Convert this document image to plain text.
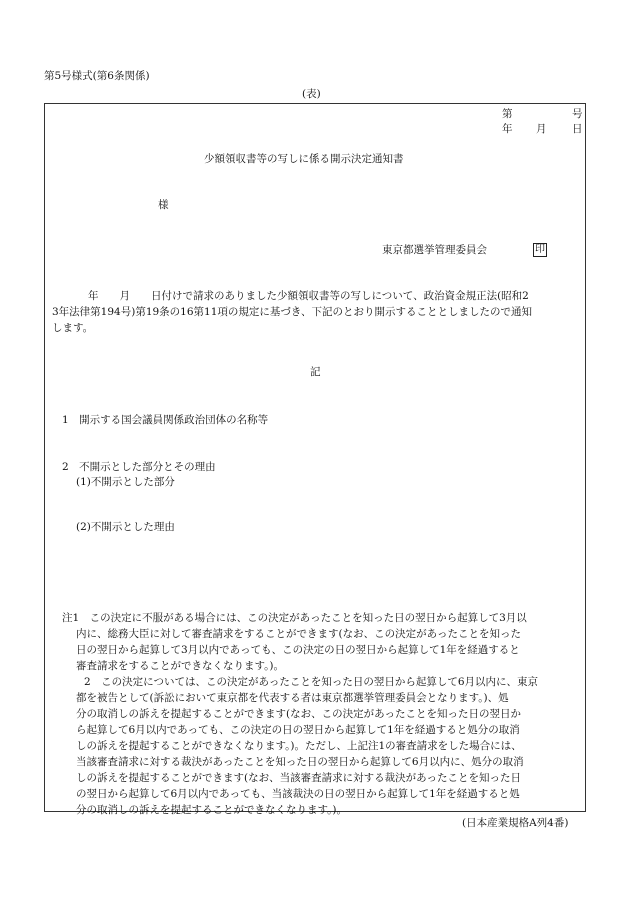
第5号様式(第6条関係)
(表)
第	号
年 月 日
少額領収書等の写しに係る開示決定通知書
様
東京都選挙管理委員会	印
年　　月　　日付けで請求のありました少額領収書等の写しについて、政治資金規正法(昭和2
3年法律第194号)第19条の16第11項の規定に基づき、下記のとおり開示することとしましたので通知
します。
記
1　開示する国会議員関係政治団体の名称等
2　不開示とした部分とその理由
(1)不開示とした部分
(2)不開示とした理由
注1　この決定に不服がある場合には、この決定があったことを知った日の翌日から起算して3月以
内に、総務大臣に対して審査請求をすることができます(なお、この決定があったことを知った
日の翌日から起算して3月以内であっても、この決定の日の翌日から起算して1年を経過すると
審査請求をすることができなくなります。)。
2　この決定については、この決定があったことを知った日の翌日から起算して6月以内に、東京
都を被告として(訴訟において東京都を代表する者は東京都選挙管理委員会となります。)、処
分の取消しの訴えを提起することができます(なお、この決定があったことを知った日の翌日か
ら起算して6月以内であっても、この決定の日の翌日から起算して1年を経過すると処分の取消
しの訴えを提起することができなくなります。)。ただし、上記注1の審査請求をした場合には、
当該審査請求に対する裁決があったことを知った日の翌日から起算して6月以内に、処分の取消
しの訴えを提起することができます(なお、当該審査請求に対する裁決があったことを知った日
の翌日から起算して6月以内であっても、当該裁決の日の翌日から起算して1年を経過すると処
分の取消しの訴えを提起することができなくなります。)。
(日本産業規格A列4番)
